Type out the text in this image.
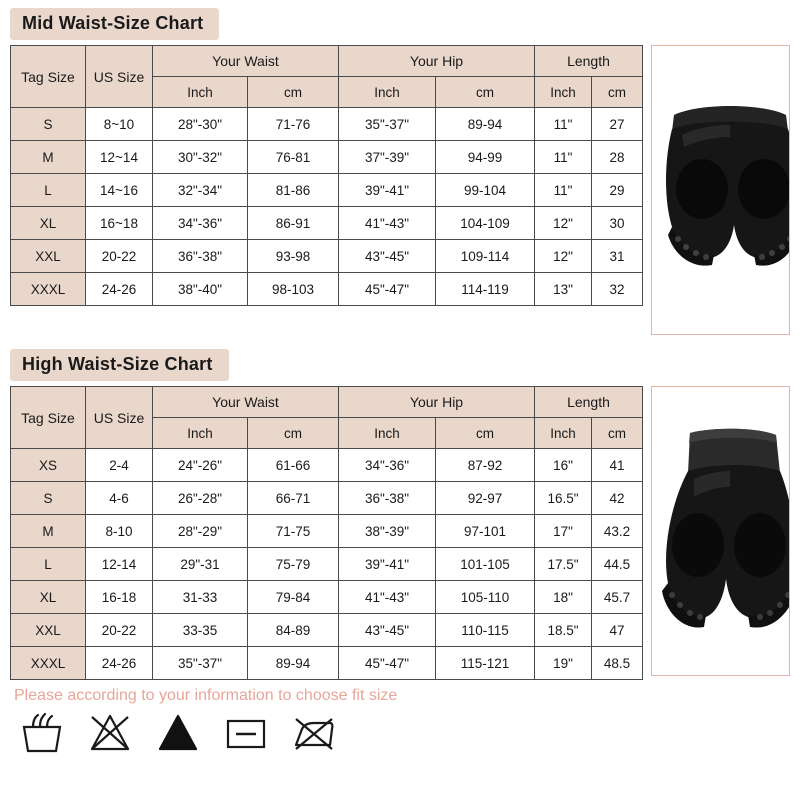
Mid Waist-Size Chart
Tag Size	US Size	Your Waist		Your Hip		Length	
		Inch	cm	Inch	cm	Inch	cm
S	8~10	28"-30"	71-76	35"-37"	89-94	11"	27
M	12~14	30"-32"	76-81	37"-39"	94-99	11"	28
L	14~16	32"-34"	81-86	39"-41"	99-104	11"	29
XL	16~18	34"-36"	86-91	41"-43"	104-109	12"	30
XXL	20-22	36"-38"	93-98	43"-45"	109-114	12"	31
XXXL	24-26	38"-40"	98-103	45"-47"	114-119	13"	32
High Waist-Size Chart
Tag Size	US Size	Your Waist		Your Hip		Length	
		Inch	cm	Inch	cm	Inch	cm
XS	2-4	24"-26"	61-66	34"-36"	87-92	16"	41
S	4-6	26"-28"	66-71	36"-38"	92-97	16.5"	42
M	8-10	28"-29"	71-75	38"-39"	97-101	17"	43.2
L	12-14	29"-31	75-79	39"-41"	101-105	17.5"	44.5
XL	16-18	31-33	79-84	41"-43"	105-110	18"	45.7
XXL	20-22	33-35	84-89	43"-45"	110-115	18.5"	47
XXXL	24-26	35"-37"	89-94	45"-47"	115-121	19"	48.5
Please according to your information to choose fit size
